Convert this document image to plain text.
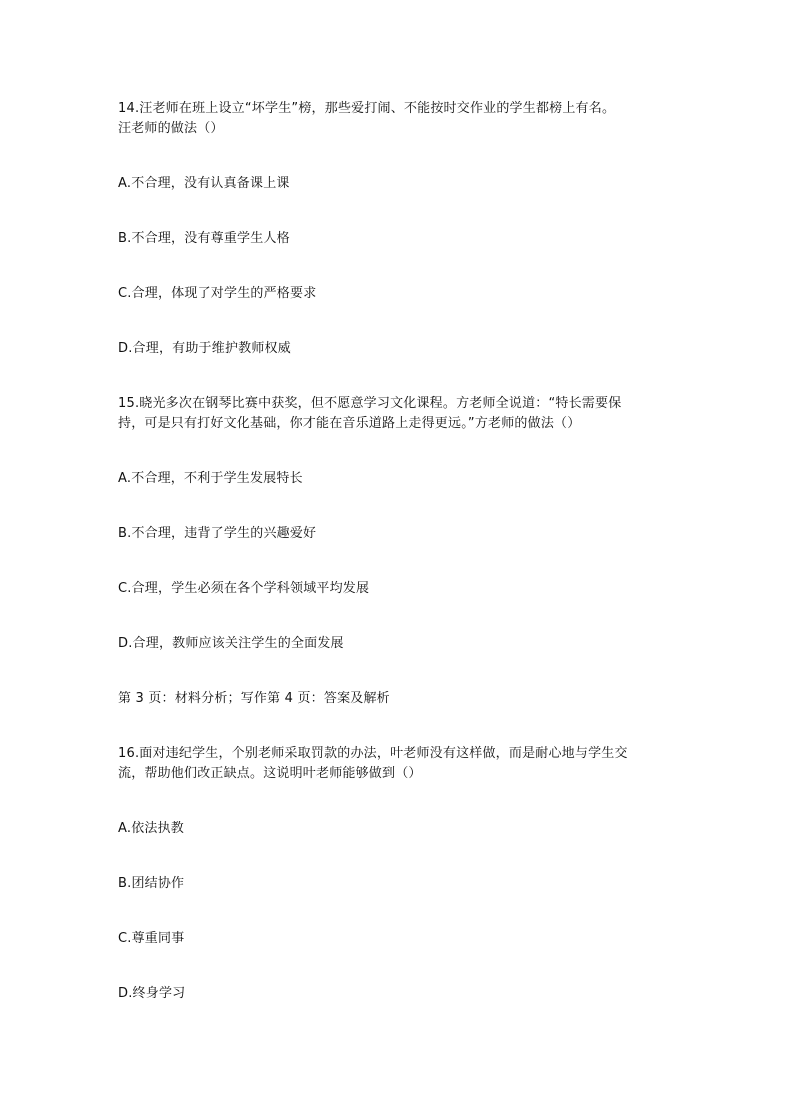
14.汪老师在班上设立“坏学生”榜，那些爱打闹、不能按时交作业的学生都榜上有名。
汪老师的做法（）
A.不合理，没有认真备课上课
B.不合理，没有尊重学生人格
C.合理，体现了对学生的严格要求
D.合理，有助于维护教师权威
15.晓光多次在钢琴比赛中获奖，但不愿意学习文化课程。方老师全说道：“特长需要保
持，可是只有打好文化基础，你才能在音乐道路上走得更远。”方老师的做法（）
A.不合理，不利于学生发展特长
B.不合理，违背了学生的兴趣爱好
C.合理，学生必须在各个学科领域平均发展
D.合理，教师应该关注学生的全面发展
第 3 页：材料分析；写作第 4 页：答案及解析
16.面对违纪学生，个别老师采取罚款的办法，叶老师没有这样做，而是耐心地与学生交
流，帮助他们改正缺点。这说明叶老师能够做到（）
A.依法执教
B.团结协作
C.尊重同事
D.终身学习
